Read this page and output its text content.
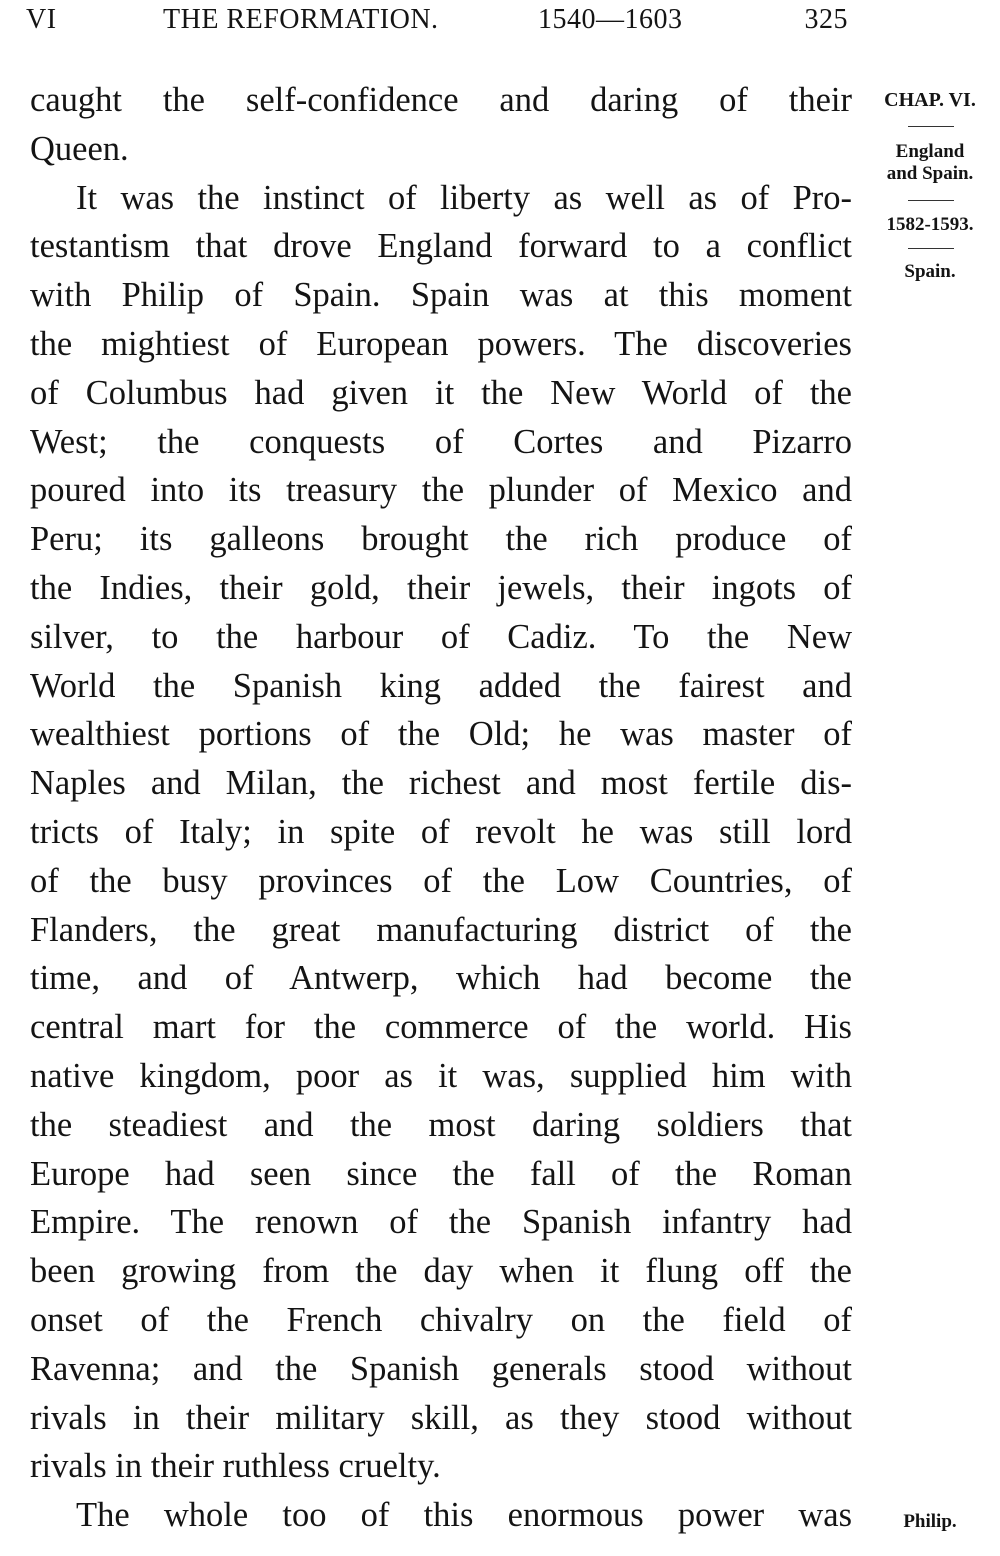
VI	THE REFORMATION.	1540—1603	325
caught the self-confidence and daring of their
Queen.
It was the instinct of liberty as well as of Pro-
testantism that drove England forward to a conflict
with Philip of Spain. Spain was at this moment
the mightiest of European powers. The discoveries
of Columbus had given it the New World of the
West; the conquests of Cortes and Pizarro
poured into its treasury the plunder of Mexico and
Peru; its galleons brought the rich produce of
the Indies, their gold, their jewels, their ingots of
silver, to the harbour of Cadiz. To the New
World the Spanish king added the fairest and
wealthiest portions of the Old; he was master of
Naples and Milan, the richest and most fertile dis-
tricts of Italy; in spite of revolt he was still lord
of the busy provinces of the Low Countries, of
Flanders, the great manufacturing district of the
time, and of Antwerp, which had become the
central mart for the commerce of the world. His
native kingdom, poor as it was, supplied him with
the steadiest and the most daring soldiers that
Europe had seen since the fall of the Roman
Empire. The renown of the Spanish infantry had
been growing from the day when it flung off the
onset of the French chivalry on the field of
Ravenna; and the Spanish generals stood without
rivals in their military skill, as they stood without
rivals in their ruthless cruelty.
The whole too of this enormous power was
CHAP. VI.
England
and Spain.
1582-1593.
Spain.
Philip.
